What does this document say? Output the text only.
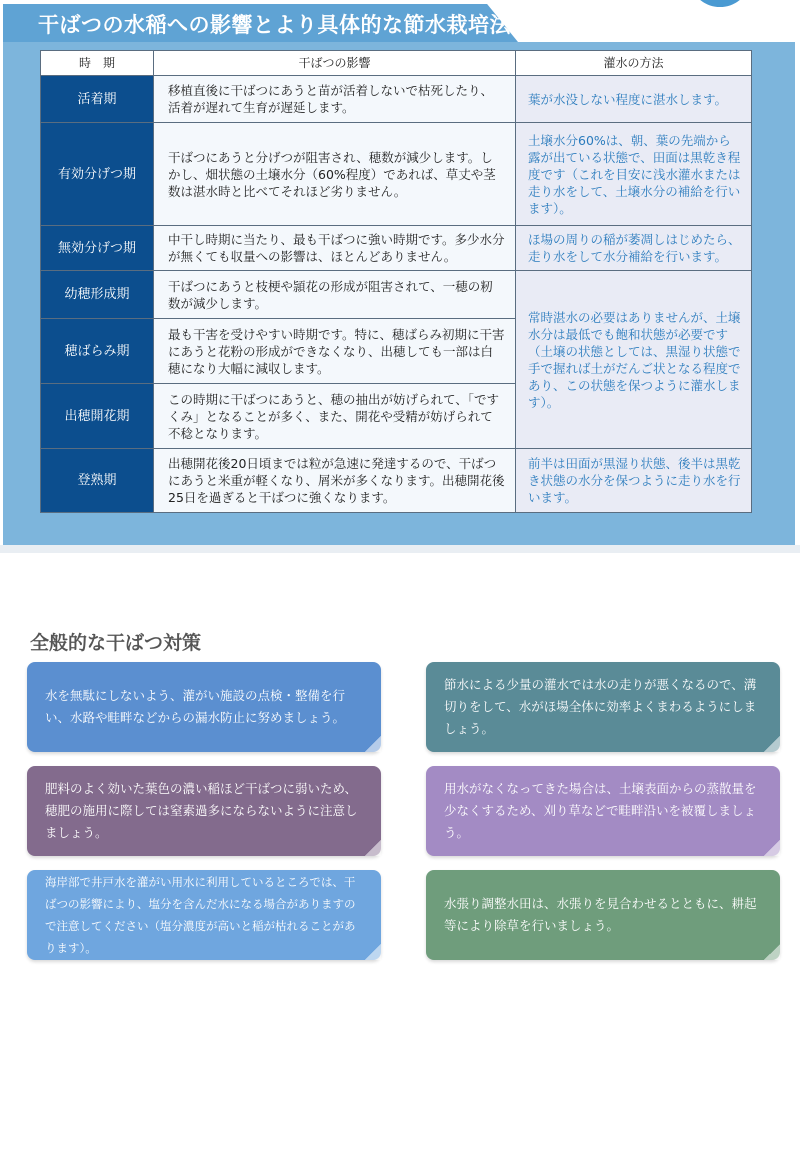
干ばつの水稲への影響とより具体的な節水栽培法
時　期	干ばつの影響	灌水の方法
活着期	移植直後に干ばつにあうと苗が活着しないで枯死したり、活着が遅れて生育が遅延します。	葉が水没しない程度に湛水します。
有効分げつ期	干ばつにあうと分げつが阻害され、穂数が減少します。しかし、畑状態の土壌水分（60%程度）であれば、草丈や茎数は湛水時と比べてそれほど劣りません。	土壌水分60%は、朝、葉の先端から露が出ている状態で、田面は黒乾き程度です（これを目安に浅水灌水または走り水をして、土壌水分の補給を行います）。
無効分げつ期	中干し時期に当たり、最も干ばつに強い時期です。多少水分が無くても収量への影響は、ほとんどありません。	ほ場の周りの稲が萎凋しはじめたら、走り水をして水分補給を行います。
幼穂形成期	干ばつにあうと枝梗や頴花の形成が阻害されて、一穂の籾数が減少します。	常時湛水の必要はありませんが、土壌水分は最低でも飽和状態が必要です（土壌の状態としては、黒湿り状態で手で握れば土がだんご状となる程度であり、この状態を保つように灌水します）。
穂ばらみ期	最も干害を受けやすい時期です。特に、穂ばらみ初期に干害にあうと花粉の形成ができなくなり、出穂しても一部は白穂になり大幅に減収します。	
出穂開花期	この時期に干ばつにあうと、穂の抽出が妨げられて、「ですくみ」となることが多く、また、開花や受精が妨げられて不稔となります。	
登熟期	出穂開花後20日頃までは粒が急速に発達するので、干ばつにあうと米重が軽くなり、屑米が多くなります。出穂開花後25日を過ぎると干ばつに強くなります。	前半は田面が黒湿り状態、後半は黒乾き状態の水分を保つように走り水を行います。
全般的な干ばつ対策
水を無駄にしないよう、灌がい施設の点検・整備を行い、水路や畦畔などからの漏水防止に努めましょう。
節水による少量の灌水では水の走りが悪くなるので、溝切りをして、水がほ場全体に効率よくまわるようにしましょう。
肥料のよく効いた葉色の濃い稲ほど干ばつに弱いため、穂肥の施用に際しては窒素過多にならないように注意しましょう。
用水がなくなってきた場合は、土壌表面からの蒸散量を少なくするため、刈り草などで畦畔沿いを被覆しましょう。
海岸部で井戸水を灌がい用水に利用しているところでは、干ばつの影響により、塩分を含んだ水になる場合がありますので注意してください（塩分濃度が高いと稲が枯れることがあります）。
水張り調整水田は、水張りを見合わせるとともに、耕起等により除草を行いましょう。
